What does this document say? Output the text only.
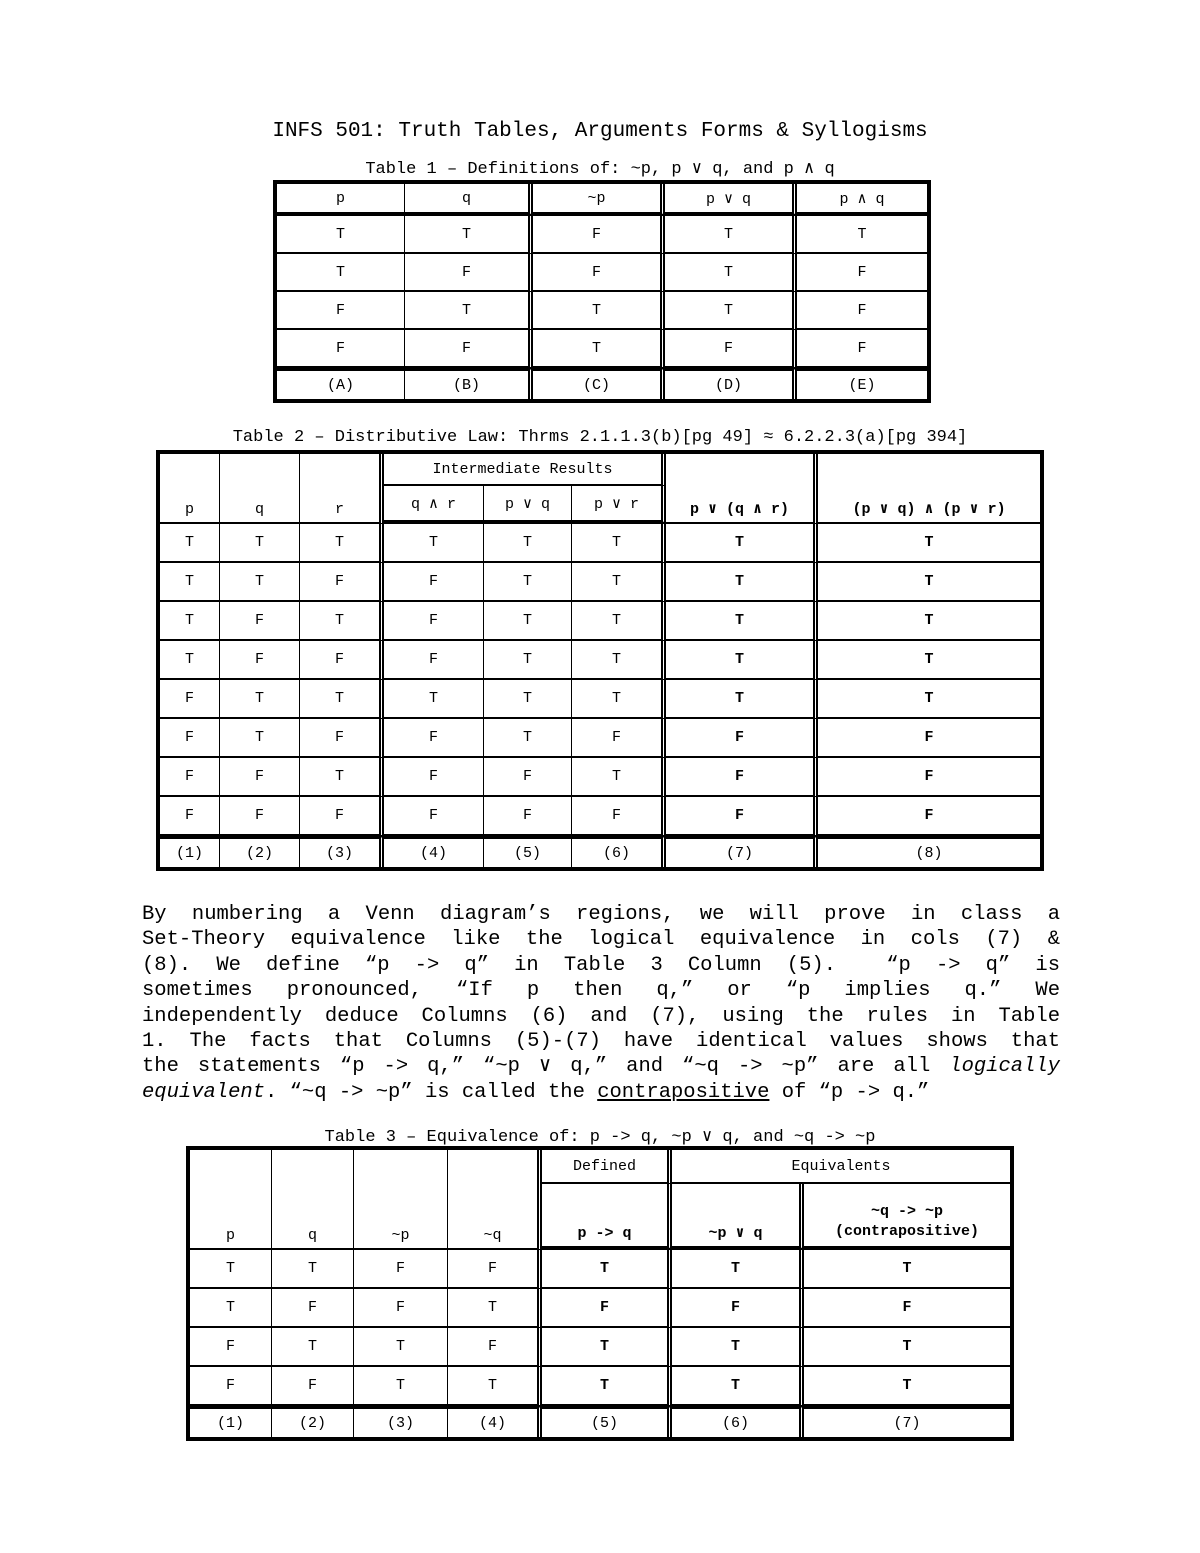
INFS 501: Truth Tables, Arguments Forms & Syllogisms
Table 1 – Definitions of: ~p, p ∨ q, and p ∧ q
p	q	~p	p ∨ q	p ∧ q
T	T	F	T	T
T	F	F	T	F
F	T	T	T	F
F	F	T	F	F
(A)	(B)	(C)	(D)	(E)
Table 2 – Distributive Law: Thrms 2.1.1.3(b)[pg 49] ≈ 6.2.2.3(a)[pg 394]
p	q	r	Intermediate Results			p ∨ (q ∧ r)	(p ∨ q) ∧ (p ∨ r)
			q ∧ r	p ∨ q	p ∨ r		
T	T	T	T	T	T	T	T
T	T	F	F	T	T	T	T
T	F	T	F	T	T	T	T
T	F	F	F	T	T	T	T
F	T	T	T	T	T	T	T
F	T	F	F	T	F	F	F
F	F	T	F	F	T	F	F
F	F	F	F	F	F	F	F
(1)	(2)	(3)	(4)	(5)	(6)	(7)	(8)
By numbering a Venn diagram’s regions, we will prove in class a
Set-Theory equivalence like the logical equivalence in cols (7) &
(8). We define “p -> q” in Table 3 Column (5).  “p -> q” is
sometimes pronounced, “If p then q,” or “p implies q.” We
independently deduce Columns (6) and (7), using the rules in Table
1. The facts that Columns (5)-(7) have identical values shows that
the statements “p -> q,” “~p ∨ q,” and “~q -> ~p” are all logically
equivalent. “~q -> ~p” is called the contrapositive of “p -> q.”
Table 3 – Equivalence of: p -> q, ~p ∨ q, and ~q -> ~p
p	q	~p	~q	Defined	Equivalents	
				p -> q	~p ∨ q	~q -> ~p
(contrapositive)
T	T	F	F	T	T	T
T	F	F	T	F	F	F
F	T	T	F	T	T	T
F	F	T	T	T	T	T
(1)	(2)	(3)	(4)	(5)	(6)	(7)
